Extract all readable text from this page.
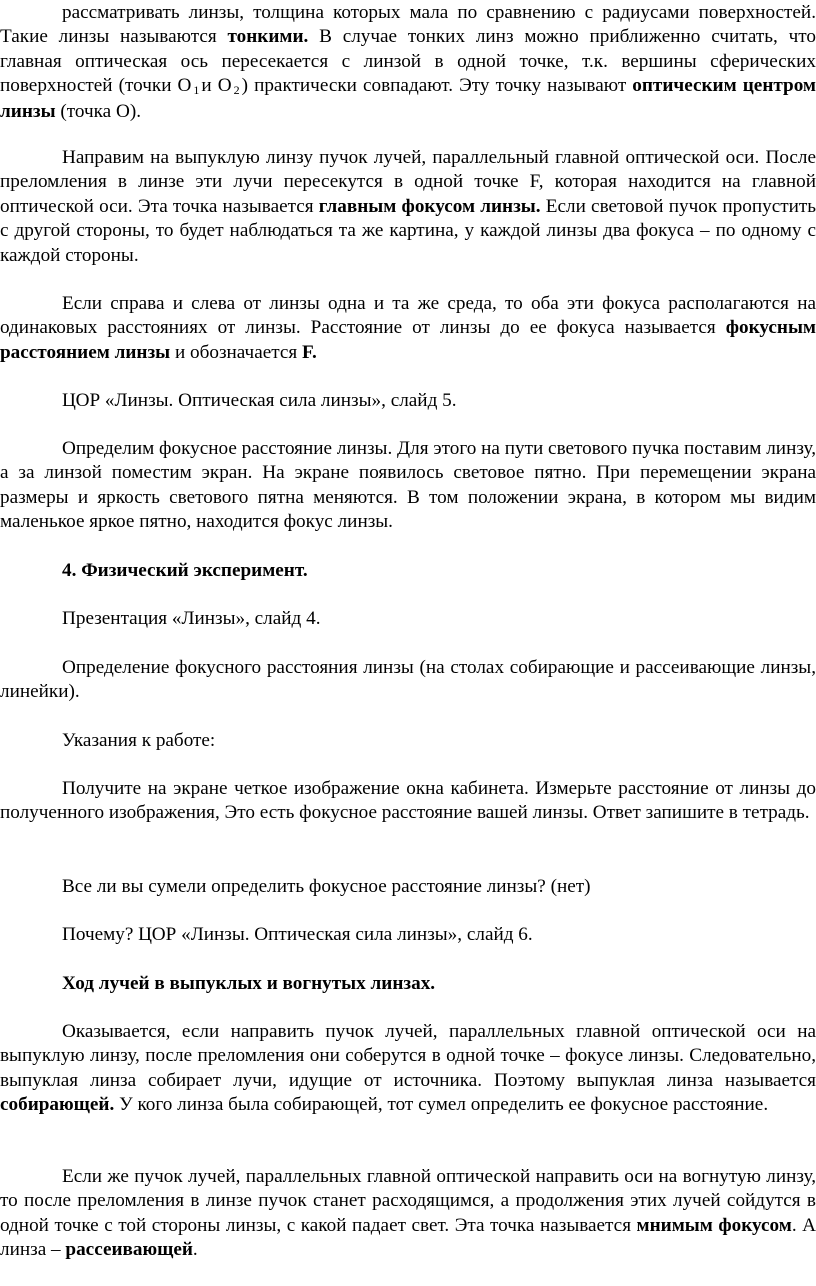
рассматривать линзы, толщина которых мала по сравнению с радиусами поверхностей. Такие линзы называются тонкими. В случае тонких линз можно приближенно считать, что главная оптическая ось пересекается с линзой в одной точке, т.к. вершины сферических поверхностей (точки О $_1$ и О $_2$ ) практически совпадают. Эту точку называют оптическим центром линзы (точка О).

Направим на выпуклую линзу пучок лучей, параллельный главной оптической оси. После преломления в линзе эти лучи пересекутся в одной точке F, которая находится на главной оптической оси. Эта точка называется главным фокусом линзы. Если световой пучок пропустить с другой стороны, то будет наблюдаться та же картина, у каждой линзы два фокуса – по одному с каждой стороны.

Если справа и слева от линзы одна и та же среда, то оба эти фокуса располагаются на одинаковых расстояниях от линзы. Расстояние от линзы до ее фокуса называется фокусным расстоянием линзы и обозначается F.

ЦОР «Линзы. Оптическая сила линзы», слайд 5.

Определим фокусное расстояние линзы. Для этого на пути светового пучка поставим линзу, а за линзой поместим экран. На экране появилось световое пятно. При перемещении экрана размеры и яркость светового пятна меняются. В том положении экрана, в котором мы видим маленькое яркое пятно, находится фокус линзы.

4. Физический эксперимент.

Презентация «Линзы», слайд 4.

Определение фокусного расстояния линзы (на столах собирающие и рассеивающие линзы, линейки).

Указания к работе:

Получите на экране четкое изображение окна кабинета. Измерьте расстояние от линзы до полученного изображения, Это есть фокусное расстояние вашей линзы. Ответ запишите в тетрадь.

Все ли вы сумели определить фокусное расстояние линзы? (нет)

Почему? ЦОР «Линзы. Оптическая сила линзы», слайд 6.

Ход лучей в выпуклых и вогнутых линзах.

Оказывается, если направить пучок лучей, параллельных главной оптической оси на выпуклую линзу, после преломления они соберутся в одной точке – фокусе линзы. Следовательно, выпуклая линза собирает лучи, идущие от источника. Поэтому выпуклая линза называется собирающей. У кого линза была собирающей, тот сумел определить ее фокусное расстояние.

Если же пучок лучей, параллельных главной оптической направить оси на вогнутую линзу, то после преломления в линзе пучок станет расходящимся, а продолжения этих лучей сойдутся в одной точке с той стороны линзы, с какой падает свет. Эта точка называется мнимым фокусом. А линза – рассеивающей.
